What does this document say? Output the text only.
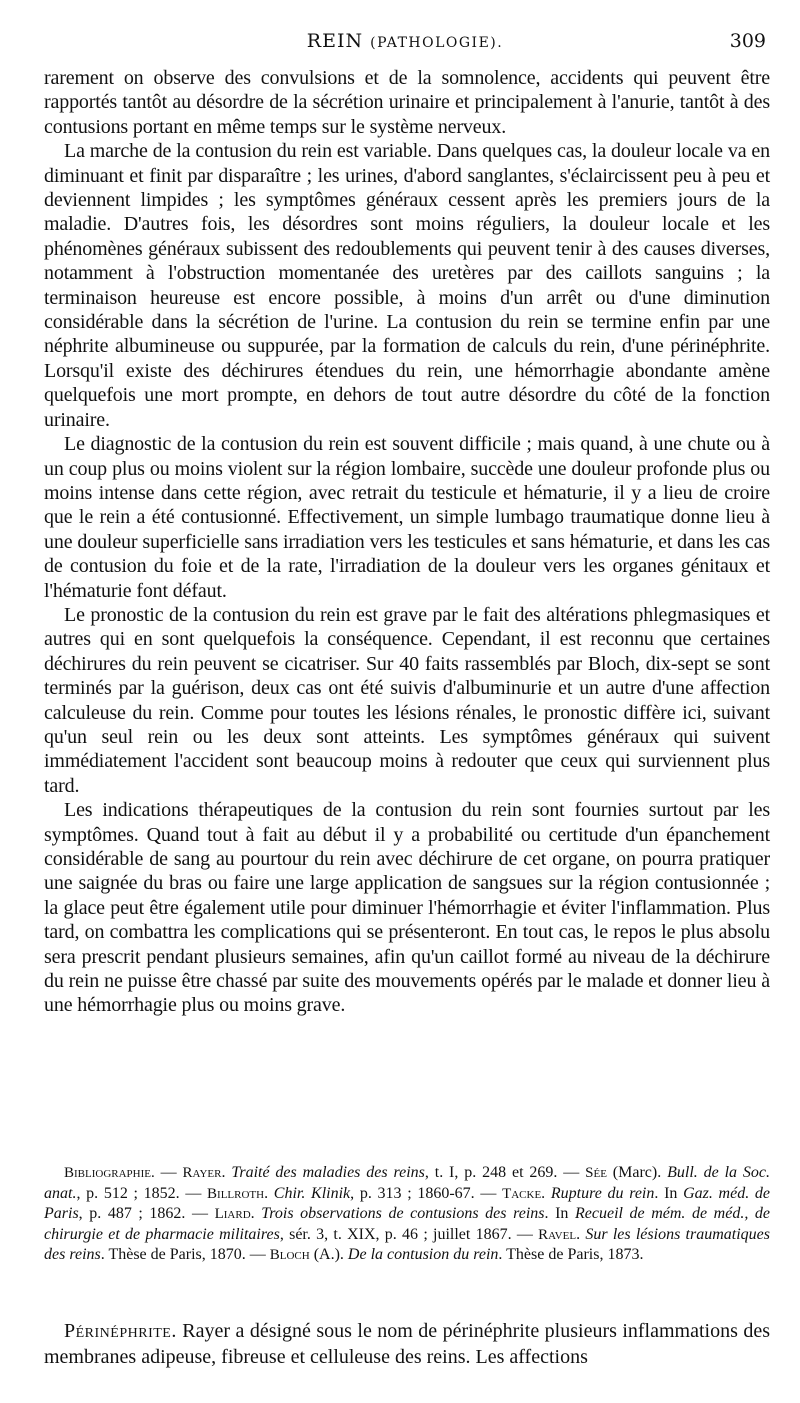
REIN (PATHOLOGIE).	309

rarement on observe des convulsions et de la somnolence, accidents qui peuvent être rapportés tantôt au désordre de la sécrétion urinaire et principalement à l'anurie, tantôt à des contusions portant en même temps sur le système nerveux.

La marche de la contusion du rein est variable. Dans quelques cas, la douleur locale va en diminuant et finit par disparaître ; les urines, d'abord sanglantes, s'éclaircissent peu à peu et deviennent limpides ; les symptômes généraux cessent après les premiers jours de la maladie. D'autres fois, les désordres sont moins réguliers, la douleur locale et les phénomènes généraux subissent des redoublements qui peuvent tenir à des causes diverses, notamment à l'obstruction momentanée des uretères par des caillots sanguins ; la terminaison heureuse est encore possible, à moins d'un arrêt ou d'une diminution considérable dans la sécrétion de l'urine. La contusion du rein se termine enfin par une néphrite albumineuse ou suppurée, par la formation de calculs du rein, d'une périnéphrite. Lorsqu'il existe des déchirures étendues du rein, une hémorrhagie abondante amène quelquefois une mort prompte, en dehors de tout autre désordre du côté de la fonction urinaire.

Le diagnostic de la contusion du rein est souvent difficile ; mais quand, à une chute ou à un coup plus ou moins violent sur la région lombaire, succède une douleur profonde plus ou moins intense dans cette région, avec retrait du testicule et hématurie, il y a lieu de croire que le rein a été contusionné. Effectivement, un simple lumbago traumatique donne lieu à une douleur superficielle sans irradiation vers les testicules et sans hématurie, et dans les cas de contusion du foie et de la rate, l'irradiation de la douleur vers les organes génitaux et l'hématurie font défaut.

Le pronostic de la contusion du rein est grave par le fait des altérations phlegmasiques et autres qui en sont quelquefois la conséquence. Cependant, il est reconnu que certaines déchirures du rein peuvent se cicatriser. Sur 40 faits rassemblés par Bloch, dix-sept se sont terminés par la guérison, deux cas ont été suivis d'albuminurie et un autre d'une affection calculeuse du rein. Comme pour toutes les lésions rénales, le pronostic diffère ici, suivant qu'un seul rein ou les deux sont atteints. Les symptômes généraux qui suivent immédiatement l'accident sont beaucoup moins à redouter que ceux qui surviennent plus tard.

Les indications thérapeutiques de la contusion du rein sont fournies surtout par les symptômes. Quand tout à fait au début il y a probabilité ou certitude d'un épanchement considérable de sang au pourtour du rein avec déchirure de cet organe, on pourra pratiquer une saignée du bras ou faire une large application de sangsues sur la région contusionnée ; la glace peut être également utile pour diminuer l'hémorrhagie et éviter l'inflammation. Plus tard, on combattra les complications qui se présenteront. En tout cas, le repos le plus absolu sera prescrit pendant plusieurs semaines, afin qu'un caillot formé au niveau de la déchirure du rein ne puisse être chassé par suite des mouvements opérés par le malade et donner lieu à une hémorrhagie plus ou moins grave.

Bibliographie. — Rayer. Traité des maladies des reins, t. I, p. 248 et 269. — Sée (Marc). Bull. de la Soc. anat., p. 512 ; 1852. — Billroth. Chir. Klinik, p. 313 ; 1860-67. — Tacke. Rupture du rein. In Gaz. méd. de Paris, p. 487 ; 1862. — Liard. Trois observations de contusions des reins. In Recueil de mém. de méd., de chirurgie et de pharmacie militaires, sér. 3, t. XIX, p. 46 ; juillet 1867. — Ravel. Sur les lésions traumatiques des reins. Thèse de Paris, 1870. — Bloch (A.). De la contusion du rein. Thèse de Paris, 1873.
Périnéphrite. Rayer a désigné sous le nom de périnéphrite plusieurs inflammations des membranes adipeuse, fibreuse et celluleuse des reins. Les affections
